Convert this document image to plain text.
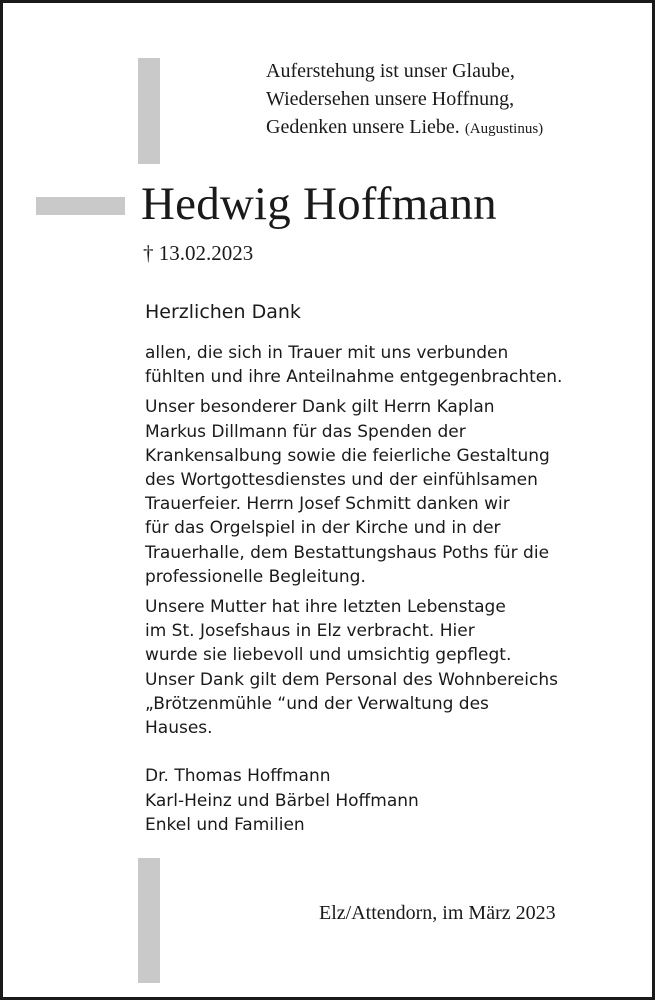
Auferstehung ist unser Glaube,
Wiedersehen unsere Hoffnung,
Gedenken unsere Liebe. (Augustinus)
Hedwig Hoffmann
† 13.02.2023
Herzlichen Dank

allen, die sich in Trauer mit uns verbunden
fühlten und ihre Anteilnahme entgegenbrachten.

Unser besonderer Dank gilt Herrn Kaplan
Markus Dillmann für das Spenden der
Krankensalbung sowie die feierliche Gestaltung
des Wortgottesdienstes und der einfühlsamen
Trauerfeier. Herrn Josef Schmitt danken wir
für das Orgelspiel in der Kirche und in der
Trauerhalle, dem Bestattungshaus Poths für die
professionelle Begleitung.

Unsere Mutter hat ihre letzten Lebenstage
im St. Josefshaus in Elz verbracht. Hier
wurde sie liebevoll und umsichtig gepflegt.
Unser Dank gilt dem Personal des Wohnbereichs
„Brötzenmühle “und der Verwaltung des
Hauses.

Dr. Thomas Hoffmann
Karl-Heinz und Bärbel Hoffmann
Enkel und Familien
Elz/Attendorn, im März 2023
